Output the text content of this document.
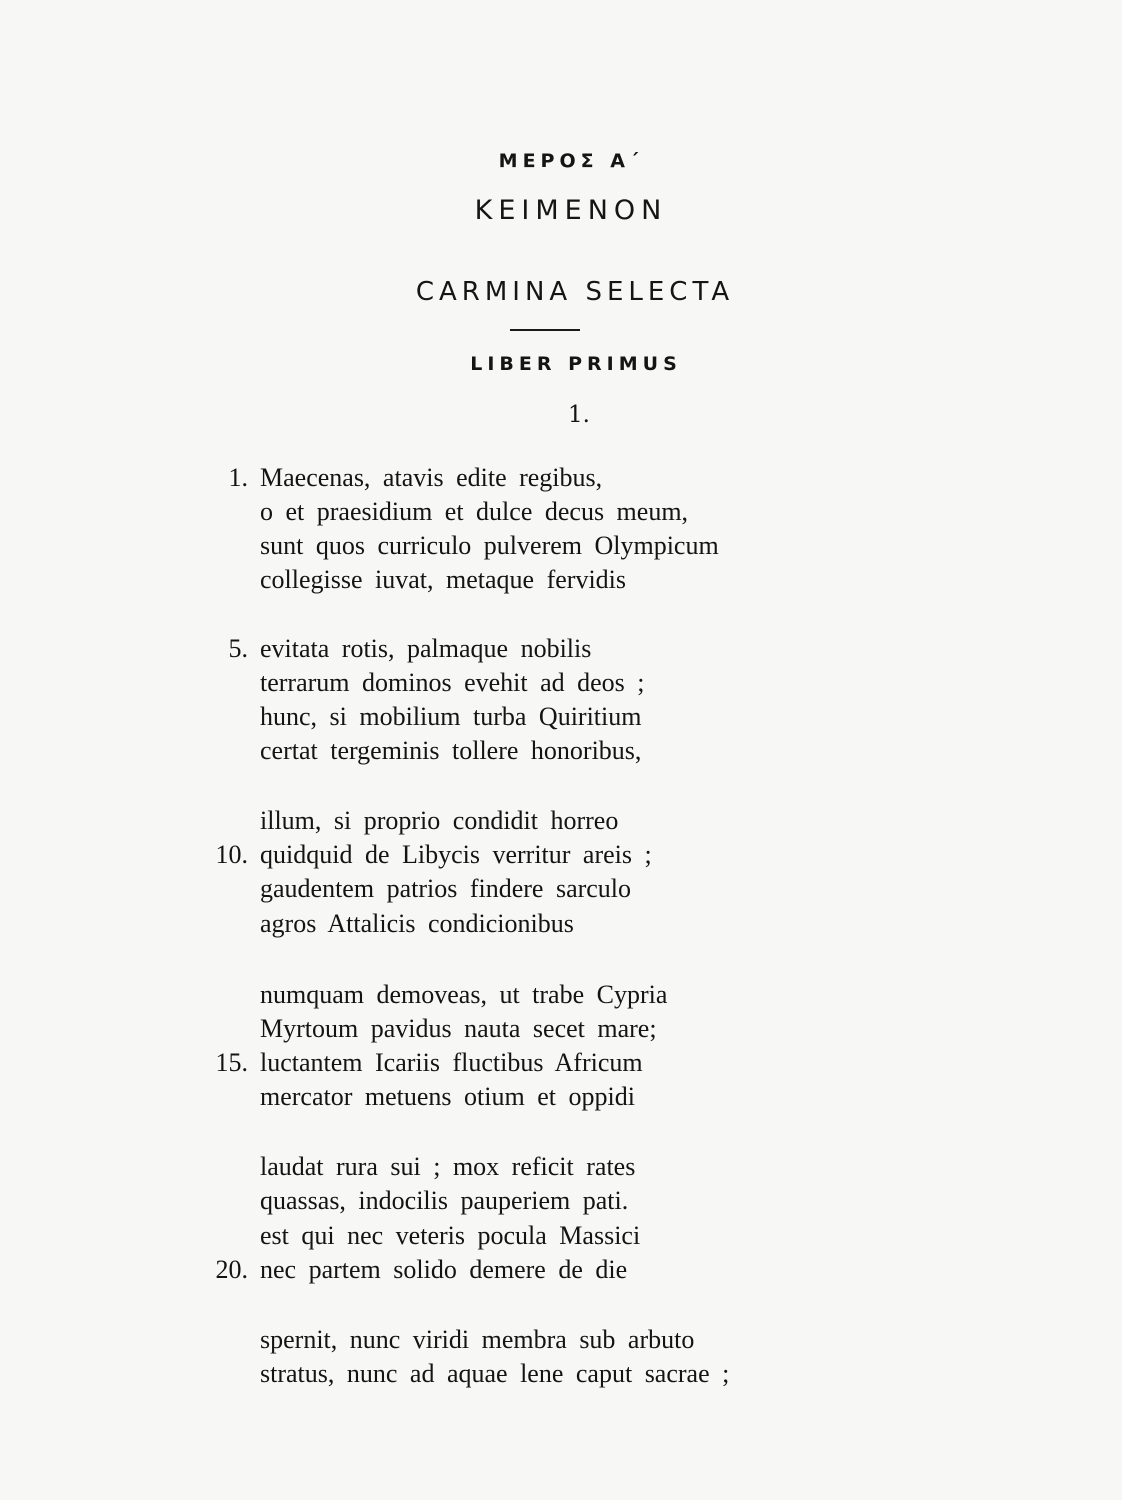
ΜΕΡΟΣ Α΄
ΚΕΙΜΕΝΟΝ
CARMINA SELECTA
LIBER PRIMUS
1.
1. Maecenas, atavis edite regibus,
o et praesidium et dulce decus meum,
sunt quos curriculo pulverem Olympicum
collegisse iuvat, metaque fervidis
5. evitata rotis, palmaque nobilis
terrarum dominos evehit ad deos ;
hunc, si mobilium turba Quiritium
certat tergeminis tollere honoribus,
illum, si proprio condidit horreo
10. quidquid de Libycis verritur areis ;
gaudentem patrios findere sarculo
agros Attalicis condicionibus
numquam demoveas, ut trabe Cypria
Myrtoum pavidus nauta secet mare;
15. luctantem Icariis fluctibus Africum
mercator metuens otium et oppidi
laudat rura sui ; mox reficit rates
quassas, indocilis pauperiem pati.
est qui nec veteris pocula Massici
20. nec partem solido demere de die
spernit, nunc viridi membra sub arbuto
stratus, nunc ad aquae lene caput sacrae ;
